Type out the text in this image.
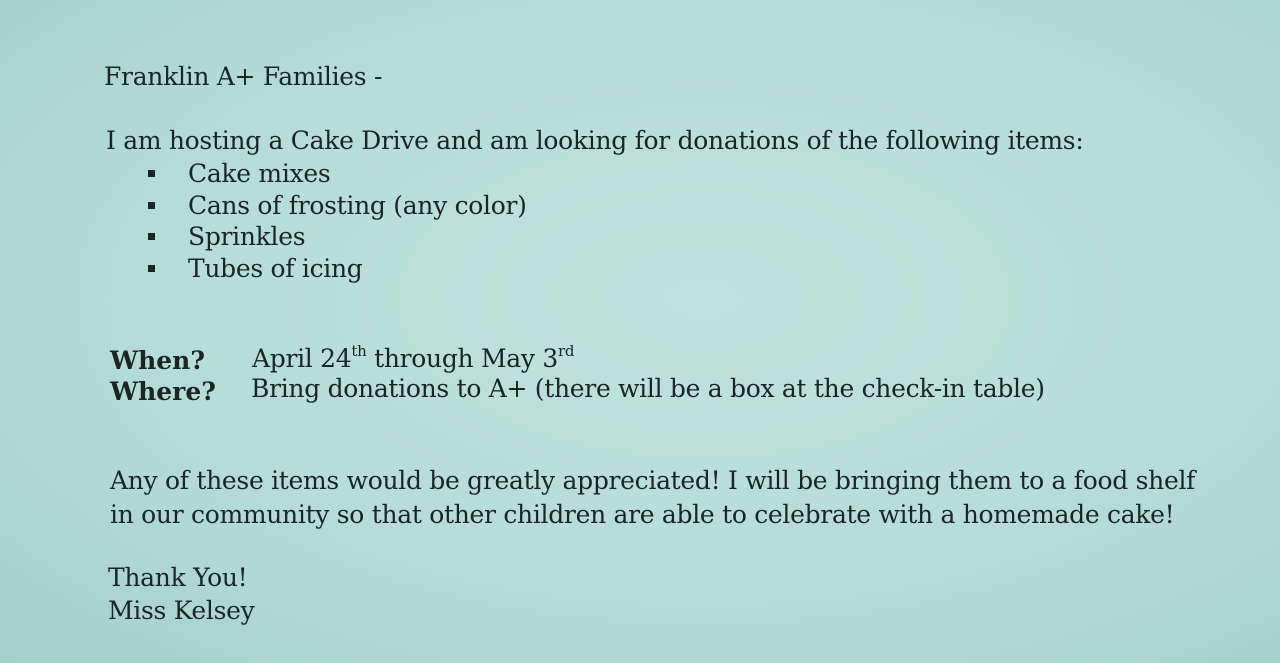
Franklin A+ Families -
I am hosting a Cake Drive and am looking for donations of the following items:
Cake mixes
Cans of frosting (any color)
Sprinkles
Tubes of icing
When? April 24th through May 3rd
Where? Bring donations to A+ (there will be a box at the check-in table)
Any of these items would be greatly appreciated! I will be bringing them to a food shelf
in our community so that other children are able to celebrate with a homemade cake!
Thank You!
Miss Kelsey
